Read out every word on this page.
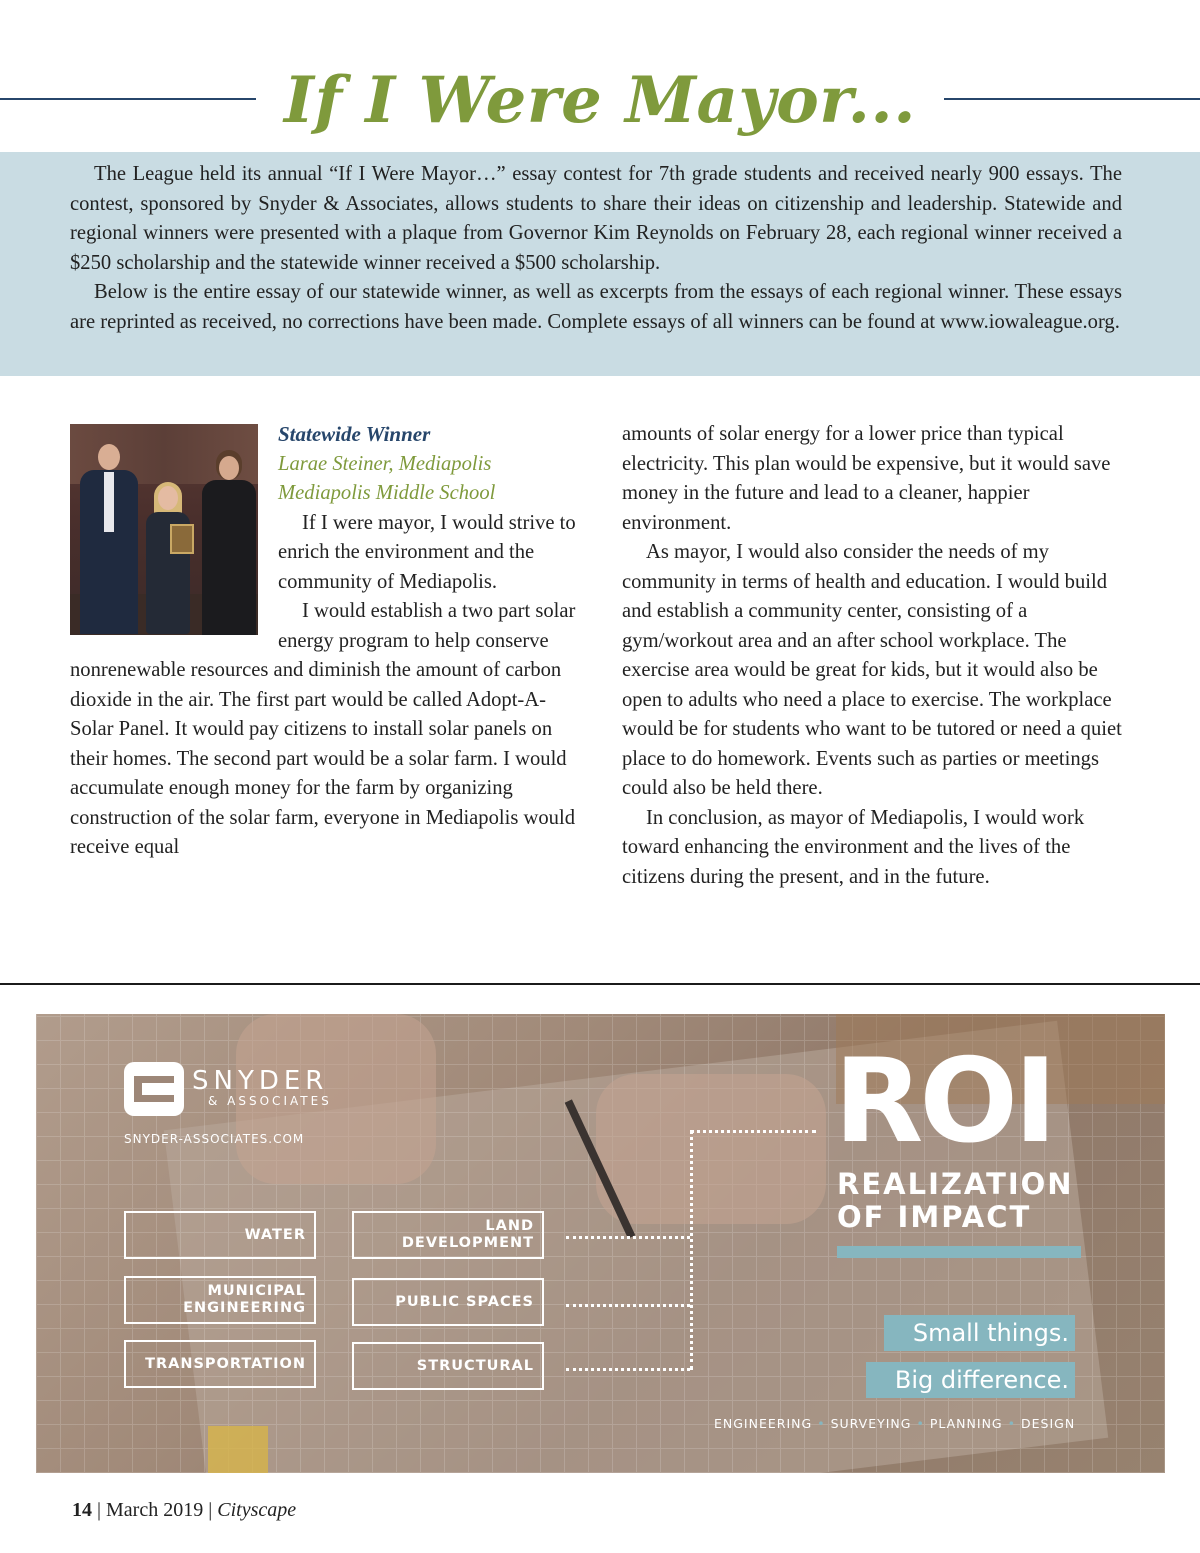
If I Were Mayor...

The League held its annual “If I Were Mayor…” essay contest for 7th grade students and received nearly 900 essays. The contest, sponsored by Snyder & Associates, allows students to share their ideas on citizenship and leadership. Statewide and regional winners were presented with a plaque from Governor Kim Reynolds on February 28, each regional winner received a $250 scholarship and the statewide winner received a $500 scholarship.

Below is the entire essay of our statewide winner, as well as excerpts from the essays of each regional winner. These essays are reprinted as received, no corrections have been made. Complete essays of all winners can be found at www.iowaleague.org.

Statewide Winner
Larae Steiner, Mediapolis
Mediapolis Middle School

If I were mayor, I would strive to enrich the environment and the community of Mediapolis.

I would establish a two part solar energy program to help conserve nonrenewable resources and diminish the amount of carbon dioxide in the air. The first part would be called Adopt-A-Solar Panel. It would pay citizens to install solar panels on their homes. The second part would be a solar farm. I would accumulate enough money for the farm by organizing construction of the solar farm, everyone in Mediapolis would receive equal

amounts of solar energy for a lower price than typical electricity. This plan would be expensive, but it would save money in the future and lead to a cleaner, happier environment.

As mayor, I would also consider the needs of my community in terms of health and education. I would build and establish a community center, consisting of a gym/workout area and an after school workplace. The exercise area would be great for kids, but it would also be open to adults who need a place to exercise. The workplace would be for students who want to be tutored or need a quiet place to do homework. Events such as parties or meetings could also be held there.

In conclusion, as mayor of Mediapolis, I would work toward enhancing the environment and the lives of the citizens during the present, and in the future.

SNYDER
& ASSOCIATES
SNYDER-ASSOCIATES.COM
WATER
LAND DEVELOPMENT
MUNICIPAL ENGINEERING	PUBLIC SPACES
TRANSPORTATION	STRUCTURAL
ROI
REALIZATION
OF IMPACT
Small things.
Big difference.
ENGINEERING • SURVEYING • PLANNING • DESIGN
14 | March 2019 | Cityscape
